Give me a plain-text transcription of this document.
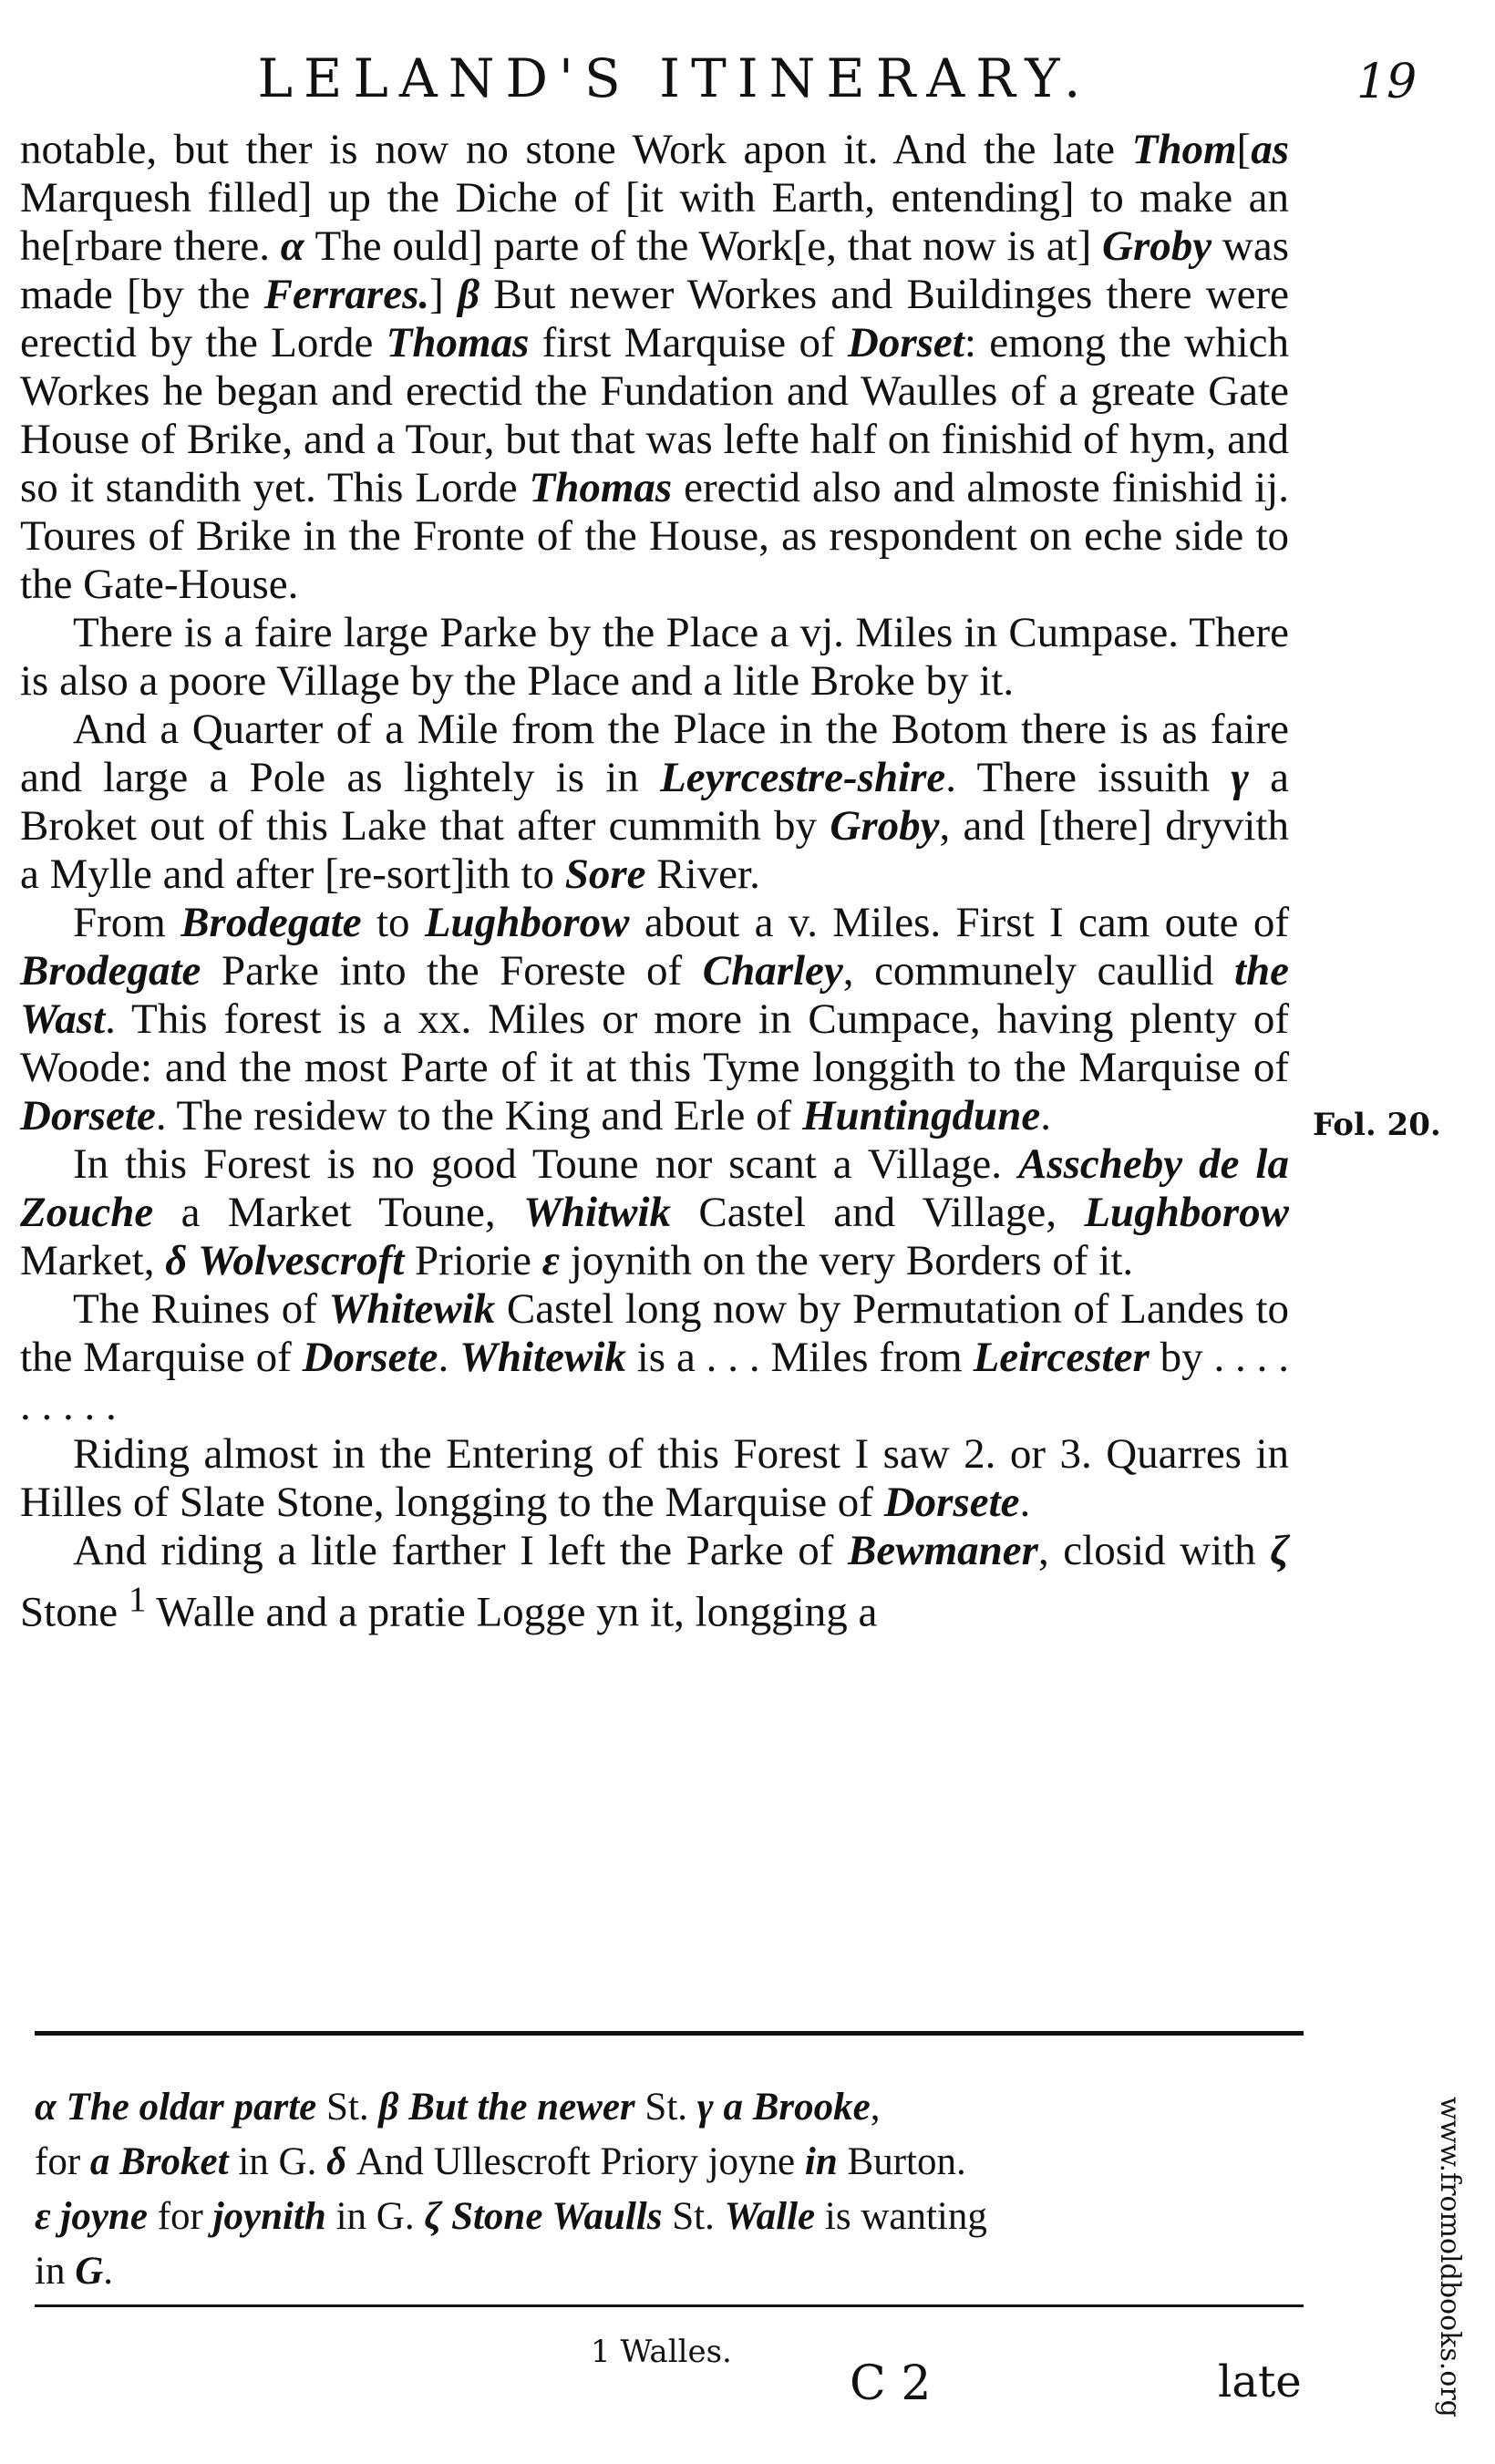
LELAND'S ITINERARY.	19

notable, but ther is now no stone Work apon it. And the late Thom[as Marquesh filled] up the Diche of [it with Earth, entending] to make an he[rbare there. α The ould] parte of the Work[e, that now is at] Groby was made [by the Ferrares.] β But newer Workes and Buildinges there were erectid by the Lorde Thomas first Marquise of Dorset: emong the which Workes he began and erectid the Fundation and Waulles of a greate Gate House of Brike, and a Tour, but that was lefte half on finishid of hym, and so it standith yet. This Lorde Thomas erectid also and almoste finishid ij. Toures of Brike in the Fronte of the House, as respondent on eche side to the Gate-House.

There is a faire large Parke by the Place a vj. Miles in Cumpase. There is also a poore Village by the Place and a litle Broke by it.

And a Quarter of a Mile from the Place in the Botom there is as faire and large a Pole as lightely is in Leyrcestre-shire. There issuith γ a Broket out of this Lake that after cummith by Groby, and [there] dryvith a Mylle and after [re-sort]ith to Sore River.

From Brodegate to Lughborow about a v. Miles. First I cam oute of Brodegate Parke into the Foreste of Charley, communely caullid the Wast. This forest is a xx. Miles or more in Cumpace, having plenty of Woode: and the most Parte of it at this Tyme longgith to the Marquise of Dorsete. The residew to the King and Erle of Huntingdune.

In this Forest is no good Toune nor scant a Village. Asscheby de la Zouche a Market Toune, Whitwik Castel and Village, Lughborow Market, δ Wolvescroft Priorie ε joynith on the very Borders of it.

The Ruines of Whitewik Castel long now by Permutation of Landes to the Marquise of Dorsete. Whitewik is a . . . Miles from Leircester by . . . . . . . . .

Riding almost in the Entering of this Forest I saw 2. or 3. Quarres in Hilles of Slate Stone, longging to the Marquise of Dorsete.

And riding a litle farther I left the Parke of Bewmaner, closid with ζ Stone $^1$ Walle and a pratie Logge yn it, longging a

Fol. 20.

α The oldar parte St. β But the newer St. γ a Brooke,

for a Broket in G. δ And Ullescroft Priory joyne in Burton.

ε joyne for joynith in G. ζ Stone Waulls St. Walle is wanting

in G.

1 Walles.
C 2	late	www.fromoldbooks.org
